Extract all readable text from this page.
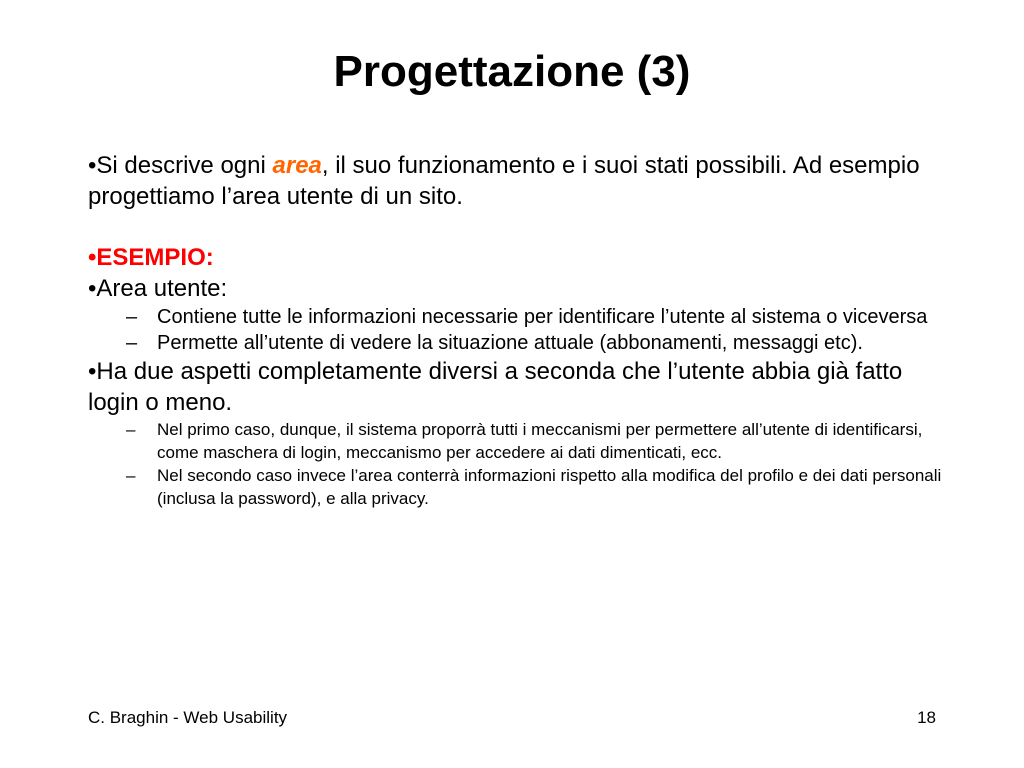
Progettazione (3)

•Si descrive ogni area, il suo funzionamento e i suoi stati possibili. Ad esempio progettiamo l’area utente di un sito.

•ESEMPIO:

•Area utente:

– Contiene tutte le informazioni necessarie per identificare l’utente al sistema o viceversa

– Permette all’utente di vedere la situazione attuale (abbonamenti, messaggi etc).

•Ha due aspetti completamente diversi a seconda che l’utente abbia già fatto login o meno.

– Nel primo caso, dunque, il sistema proporrà tutti i meccanismi per permettere all’utente di identificarsi, come maschera di login, meccanismo per accedere ai dati dimenticati, ecc.

– Nel secondo caso invece l’area conterrà informazioni rispetto alla modifica del profilo e dei dati personali (inclusa la password), e alla privacy.

C. Braghin - Web Usability	18
